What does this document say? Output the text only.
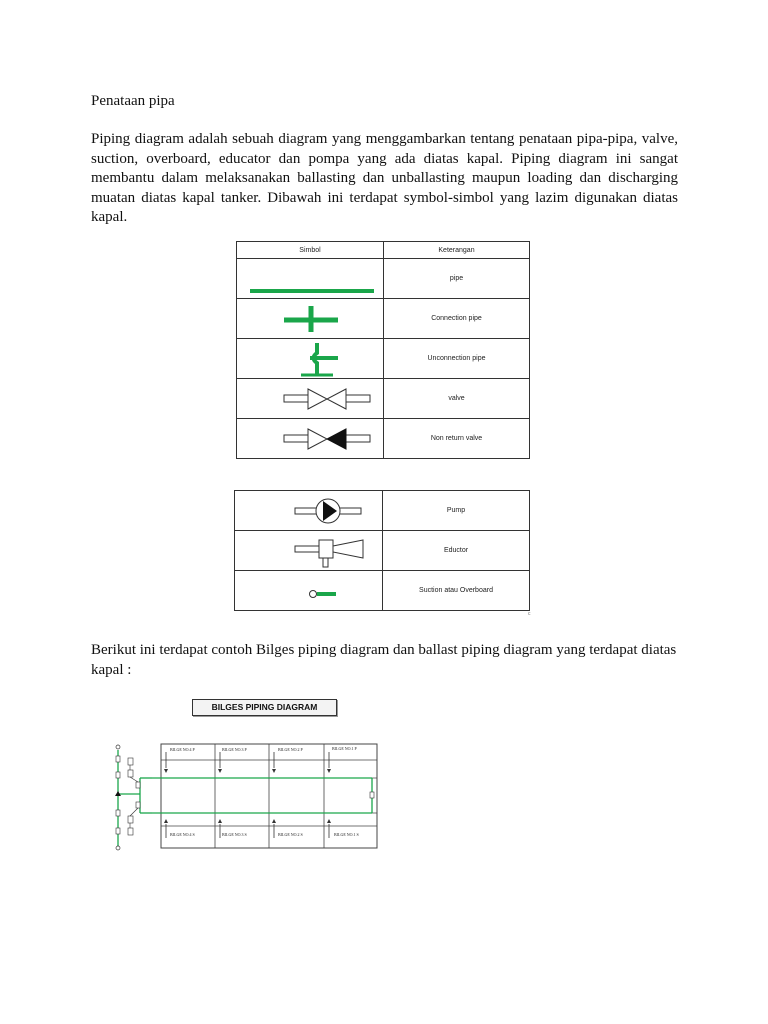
Penataan pipa

Piping diagram adalah sebuah diagram yang menggambarkan tentang penataan pipa-pipa, valve, suction, overboard, educator dan pompa yang ada diatas kapal. Piping diagram ini sangat membantu dalam melaksanakan ballasting dan unballasting maupun loading dan discharging muatan diatas kapal tanker. Dibawah ini terdapat symbol-simbol yang lazim digunakan diatas kapal.

Simbol	Keterangan

	pipe

	Connection pipe

	Unconnection pipe

	valve

	Non return valve
	Pump

	Eductor

	Suction atau Overboard
c

Berikut ini terdapat contoh Bilges piping diagram dan ballast piping diagram yang terdapat diatas kapal :

BILGES PIPING DIAGRAM
BILGE NO.4 P	BILGE NO.3 P	BILGE NO.2 P	BILGE NO.1 P
BILGE NO.4 S	BILGE NO.3 S	BILGE NO.2 S	BILGE NO.1 S
